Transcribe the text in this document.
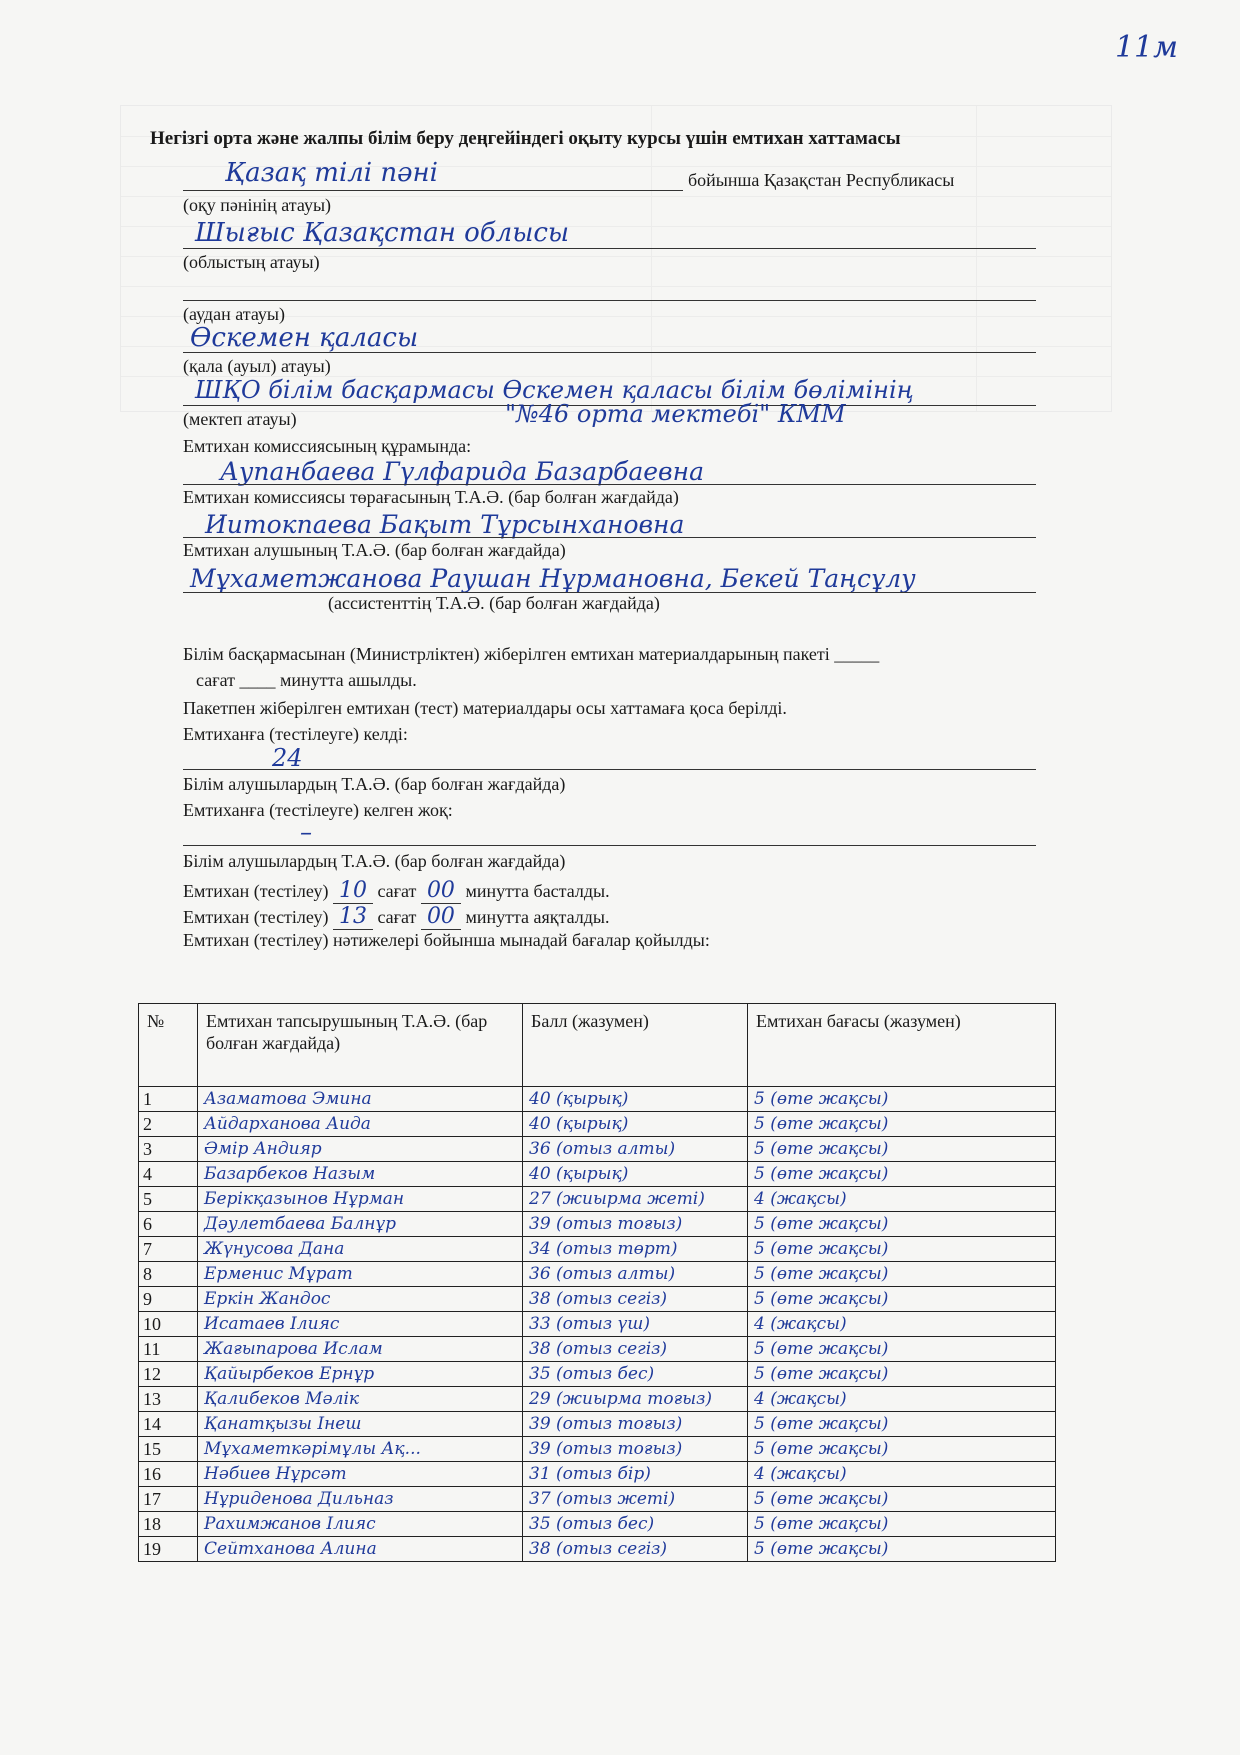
11м
Негізгі орта және жалпы білім беру деңгейіндегі оқыту курсы үшін емтихан хаттамасы
Қазақ тілі пәні	бойынша Қазақстан Республикасы
(оқу пәнінің атауы)
Шығыс Қазақстан облысы
(облыстың атауы)
(аудан атауы)
Өскемен қаласы
(қала (ауыл) атауы)
ШҚО білім басқармасы Өскемен қаласы білім бөлімінің
(мектеп атауы)	"№46 орта мектебі" КММ
Емтихан комиссиясының құрамында:
Аупанбаева Гүлфарида Базарбаевна
Емтихан комиссиясы төрағасының Т.А.Ә. (бар болған жағдайда)
Иитокпаева Бақыт Тұрсынхановна
Емтихан алушының Т.А.Ә. (бар болған жағдайда)
Мұхаметжанова Раушан Нұрмановна, Бекей Таңсұлу
(ассистенттің Т.А.Ә. (бар болған жағдайда)
Білім басқармасынан (Министрліктен) жіберілген емтихан материалдарының пакеті _____
сағат ____ минутта ашылды.
Пакетпен жіберілген емтихан (тест) материалдары осы хаттамаға қоса берілді.
Емтиханға (тестілеуге) келді:
24
Білім алушылардың Т.А.Ә. (бар болған жағдайда)
Емтиханға (тестілеуге) келген жоқ:
–
Білім алушылардың Т.А.Ә. (бар болған жағдайда)
Емтихан (тестілеу) 10 сағат 00 минутта басталды.
Емтихан (тестілеу) 13 сағат 00 минутта аяқталды.
Емтихан (тестілеу) нәтижелері бойынша мынадай бағалар қойылды:
№	Емтихан тапсырушының Т.А.Ә. (бар болған жағдайда)	Балл (жазумен)	Емтихан бағасы (жазумен)
1	Азаматова Эмина	40 (қырық)	5 (өте жақсы)
2	Айдарханова Аида	40 (қырық)	5 (өте жақсы)
3	Әмір Андияр	36 (отыз алты)	5 (өте жақсы)
4	Базарбеков Назым	40 (қырық)	5 (өте жақсы)
5	Берікқазынов Нұрман	27 (жиырма жеті)	4 (жақсы)
6	Дәулетбаева Балнұр	39 (отыз тоғыз)	5 (өте жақсы)
7	Жүнусова Дана	34 (отыз төрт)	5 (өте жақсы)
8	Ерменис Мұрат	36 (отыз алты)	5 (өте жақсы)
9	Еркін Жандос	38 (отыз сегіз)	5 (өте жақсы)
10	Исатаев Ілияс	33 (отыз үш)	4 (жақсы)
11	Жағыпарова Ислам	38 (отыз сегіз)	5 (өте жақсы)
12	Қайырбеков Ернұр	35 (отыз бес)	5 (өте жақсы)
13	Қалибеков Мәлік	29 (жиырма тоғыз)	4 (жақсы)
14	Қанатқызы Інеш	39 (отыз тоғыз)	5 (өте жақсы)
15	Мұхаметкәрімұлы Ақ...	39 (отыз тоғыз)	5 (өте жақсы)
16	Нәбиев Нұрсәт	31 (отыз бір)	4 (жақсы)
17	Нұриденова Дильназ	37 (отыз жеті)	5 (өте жақсы)
18	Рахимжанов Ілияс	35 (отыз бес)	5 (өте жақсы)
19	Сейтханова Алина	38 (отыз сегіз)	5 (өте жақсы)
